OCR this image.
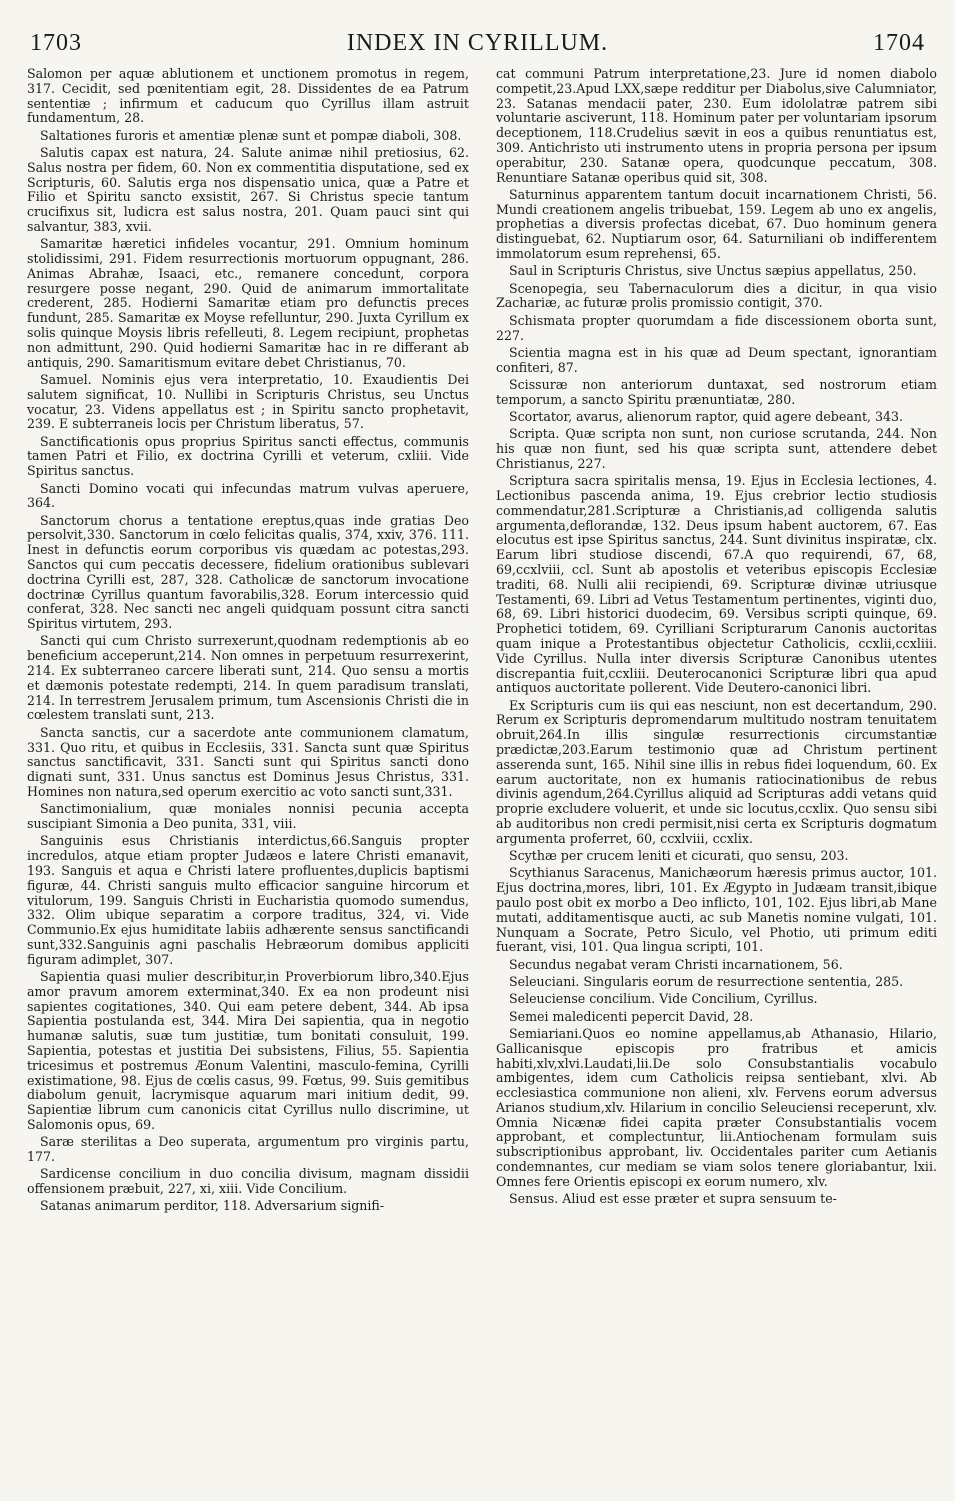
INDEX IN CYRILLUM.
1703	1704

Salomon per aquæ ablutionem et unctionem promotus in regem, 317. Cecidit, sed pœnitentiam egit, 28. Dissidentes de ea Patrum sententiæ ; infirmum et caducum quo Cyrillus illam astruit fundamentum, 28.

Saltationes furoris et amentiæ plenæ sunt et pompæ diaboli, 308.

Salutis capax est natura, 24. Salute animæ nihil pretiosius, 62. Salus nostra per fidem, 60. Non ex commentitia disputatione, sed ex Scripturis, 60. Salutis erga nos dispensatio unica, quæ a Patre et Filio et Spiritu sancto exsistit, 267. Si Christus specie tantum crucifixus sit, ludicra est salus nostra, 201. Quam pauci sint qui salvantur, 383, xvii.

Samaritæ hæretici infideles vocantur, 291. Omnium hominum stolidissimi, 291. Fidem resurrectionis mortuorum oppugnant, 286. Animas Abrahæ, Isaaci, etc., remanere concedunt, corpora resurgere posse negant, 290. Quid de animarum immortalitate crederent, 285. Hodierni Samaritæ etiam pro defunctis preces fundunt, 285. Samaritæ ex Moyse refelluntur, 290. Juxta Cyrillum ex solis quinque Moysis libris refelleuti, 8. Legem recipiunt, prophetas non admittunt, 290. Quid hodierni Samaritæ hac in re differant ab antiquis, 290. Samaritismum evitare debet Christianus, 70.

Samuel. Nominis ejus vera interpretatio, 10. Exaudientis Dei salutem significat, 10. Nullibi in Scripturis Christus, seu Unctus vocatur, 23. Videns appellatus est ; in Spiritu sancto prophetavit, 239. E subterraneis locis per Christum liberatus, 57.

Sanctificationis opus proprius Spiritus sancti effectus, communis tamen Patri et Filio, ex doctrina Cyrilli et veterum, cxliii. Vide Spiritus sanctus.

Sancti Domino vocati qui infecundas matrum vulvas aperuere, 364.

Sanctorum chorus a tentatione ereptus,quas inde gratias Deo persolvit,330. Sanctorum in cœlo felicitas qualis, 374, xxiv, 376. 111. Inest in defunctis eorum corporibus vis quædam ac potestas,293. Sanctos qui cum peccatis decessere, fidelium orationibus sublevari doctrina Cyrilli est, 287, 328. Catholicæ de sanctorum invocatione doctrinæ Cyrillus quantum favorabilis,328. Eorum intercessio quid conferat, 328. Nec sancti nec angeli quidquam possunt citra sancti Spiritus virtutem, 293.

Sancti qui cum Christo surrexerunt,quodnam redemptionis ab eo beneficium acceperunt,214. Non omnes in perpetuum resurrexerint, 214. Ex subterraneo carcere liberati sunt, 214. Quo sensu a mortis et dæmonis potestate redempti, 214. In quem paradisum translati, 214. In terrestrem Jerusalem primum, tum Ascensionis Christi die in cœlestem translati sunt, 213.

Sancta sanctis, cur a sacerdote ante communionem clamatum, 331. Quo ritu, et quibus in Ecclesiis, 331. Sancta sunt quæ Spiritus sanctus sanctificavit, 331. Sancti sunt qui Spiritus sancti dono dignati sunt, 331. Unus sanctus est Dominus Jesus Christus, 331. Homines non natura,sed operum exercitio ac voto sancti sunt,331.

Sanctimonialium, quæ moniales nonnisi pecunia accepta suscipiant Simonia a Deo punita, 331, viii.

Sanguinis esus Christianis interdictus,66.Sanguis propter incredulos, atque etiam propter Judæos e latere Christi emanavit, 193. Sanguis et aqua e Christi latere profluentes,duplicis baptismi figuræ, 44. Christi sanguis multo efficacior sanguine hircorum et vitulorum, 199. Sanguis Christi in Eucharistia quomodo sumendus, 332. Olim ubique separatim a corpore traditus, 324, vi. Vide Communio.Ex ejus humiditate labiis adhærente sensus sanctificandi sunt,332.Sanguinis agni paschalis Hebræorum domibus appliciti figuram adimplet, 307.

Sapientia quasi mulier describitur,in Proverbiorum libro,340.Ejus amor pravum amorem exterminat,340. Ex ea non prodeunt nisi sapientes cogitationes, 340. Qui eam petere debent, 344. Ab ipsa Sapientia postulanda est, 344. Mira Dei sapientia, qua in negotio humanæ salutis, suæ tum justitiæ, tum bonitati consuluit, 199. Sapientia, potestas et justitia Dei subsistens, Filius, 55. Sapientia tricesimus et postremus Æonum Valentini, masculo-femina, Cyrilli existimatione, 98. Ejus de cœlis casus, 99. Fœtus, 99. Suis gemitibus diabolum genuit, lacrymisque aquarum mari initium dedit, 99. Sapientiæ librum cum canonicis citat Cyrillus nullo discrimine, ut Salomonis opus, 69.

Saræ sterilitas a Deo superata, argumentum pro virginis partu, 177.

Sardicense concilium in duo concilia divisum, magnam dissidii offensionem præbuit, 227, xi, xiii. Vide Concilium.

Satanas animarum perditor, 118. Adversarium signifi-

cat communi Patrum interpretatione,23. Jure id nomen diabolo competit,23.Apud LXX,sæpe redditur per Diabolus,sive Calumniator, 23. Satanas mendacii pater, 230. Eum idololatræ patrem sibi voluntarie asciverunt, 118. Hominum pater per voluntariam ipsorum deceptionem, 118.Crudelius sævit in eos a quibus renuntiatus est, 309. Antichristo uti instrumento utens in propria persona per ipsum operabitur, 230. Satanæ opera, quodcunque peccatum, 308. Renuntiare Satanæ operibus quid sit, 308.

Saturninus apparentem tantum docuit incarnationem Christi, 56. Mundi creationem angelis tribuebat, 159. Legem ab uno ex angelis, prophetias a diversis profectas dicebat, 67. Duo hominum genera distinguebat, 62. Nuptiarum osor, 64. Saturniliani ob indifferentem immolatorum esum reprehensi, 65.

Saul in Scripturis Christus, sive Unctus sæpius appellatus, 250.

Scenopegia, seu Tabernaculorum dies a dicitur, in qua visio Zachariæ, ac futuræ prolis promissio contigit, 370.

Schismata propter quorumdam a fide discessionem oborta sunt, 227.

Scientia magna est in his quæ ad Deum spectant, ignorantiam confiteri, 87.

Scissuræ non anteriorum duntaxat, sed nostrorum etiam temporum, a sancto Spiritu prænuntiatæ, 280.

Scortator, avarus, alienorum raptor, quid agere debeant, 343.

Scripta. Quæ scripta non sunt, non curiose scrutanda, 244. Non his quæ non fiunt, sed his quæ scripta sunt, attendere debet Christianus, 227.

Scriptura sacra spiritalis mensa, 19. Ejus in Ecclesia lectiones, 4. Lectionibus pascenda anima, 19. Ejus crebrior lectio studiosis commendatur,281.Scripturæ a Christianis,ad colligenda salutis argumenta,deflorandæ, 132. Deus ipsum habent auctorem, 67. Eas elocutus est ipse Spiritus sanctus, 244. Sunt divinitus inspiratæ, clx. Earum libri studiose discendi, 67.A quo requirendi, 67, 68, 69,ccxlviii, ccl. Sunt ab apostolis et veteribus episcopis Ecclesiæ traditi, 68. Nulli alii recipiendi, 69. Scripturæ divinæ utriusque Testamenti, 69. Libri ad Vetus Testamentum pertinentes, viginti duo, 68, 69. Libri historici duodecim, 69. Versibus scripti quinque, 69. Prophetici totidem, 69. Cyrilliani Scripturarum Canonis auctoritas quam inique a Protestantibus objectetur Catholicis, ccxlii,ccxliii. Vide Cyrillus. Nulla inter diversis Scripturæ Canonibus utentes discrepantia fuit,ccxliii. Deuterocanonici Scripturæ libri qua apud antiquos auctoritate pollerent. Vide Deutero-canonici libri.

Ex Scripturis cum iis qui eas nesciunt, non est decertandum, 290. Rerum ex Scripturis depromendarum multitudo nostram tenuitatem obruit,264.In illis singulæ resurrectionis circumstantiæ prædictæ,203.Earum testimonio quæ ad Christum pertinent asserenda sunt, 165. Nihil sine illis in rebus fidei loquendum, 60. Ex earum auctoritate, non ex humanis ratiocinationibus de rebus divinis agendum,264.Cyrillus aliquid ad Scripturas addi vetans quid proprie excludere voluerit, et unde sic locutus,ccxlix. Quo sensu sibi ab auditoribus non credi permisit,nisi certa ex Scripturis dogmatum argumenta proferret, 60, ccxlviii, ccxlix.

Scythæ per crucem leniti et cicurati, quo sensu, 203.

Scythianus Saracenus, Manichæorum hæresis primus auctor, 101. Ejus doctrina,mores, libri, 101. Ex Ægypto in Judæam transit,ibique paulo post obit ex morbo a Deo inflicto, 101, 102. Ejus libri,ab Mane mutati, additamentisque aucti, ac sub Manetis nomine vulgati, 101. Nunquam a Socrate, Petro Siculo, vel Photio, uti primum editi fuerant, visi, 101. Qua lingua scripti, 101.

Secundus negabat veram Christi incarnationem, 56.

Seleuciani. Singularis eorum de resurrectione sententia, 285.

Seleuciense concilium. Vide Concilium, Cyrillus.

Semei maledicenti pepercit David, 28.

Semiariani.Quos eo nomine appellamus,ab Athanasio, Hilario, Gallicanisque episcopis pro fratribus et amicis habiti,xlv,xlvi.Laudati,lii.De solo Consubstantialis vocabulo ambigentes, idem cum Catholicis reipsa sentiebant, xlvi. Ab ecclesiastica communione non alieni, xlv. Fervens eorum adversus Arianos studium,xlv. Hilarium in concilio Seleuciensi receperunt, xlv. Omnia Nicænæ fidei capita præter Consubstantialis vocem approbant, et complectuntur, lii.Antiochenam formulam suis subscriptionibus approbant, liv. Occidentales pariter cum Aetianis condemnantes, cur mediam se viam solos tenere gloriabantur, lxii. Omnes fere Orientis episcopi ex eorum numero, xlv.

Sensus. Aliud est esse præter et supra sensuum te-
